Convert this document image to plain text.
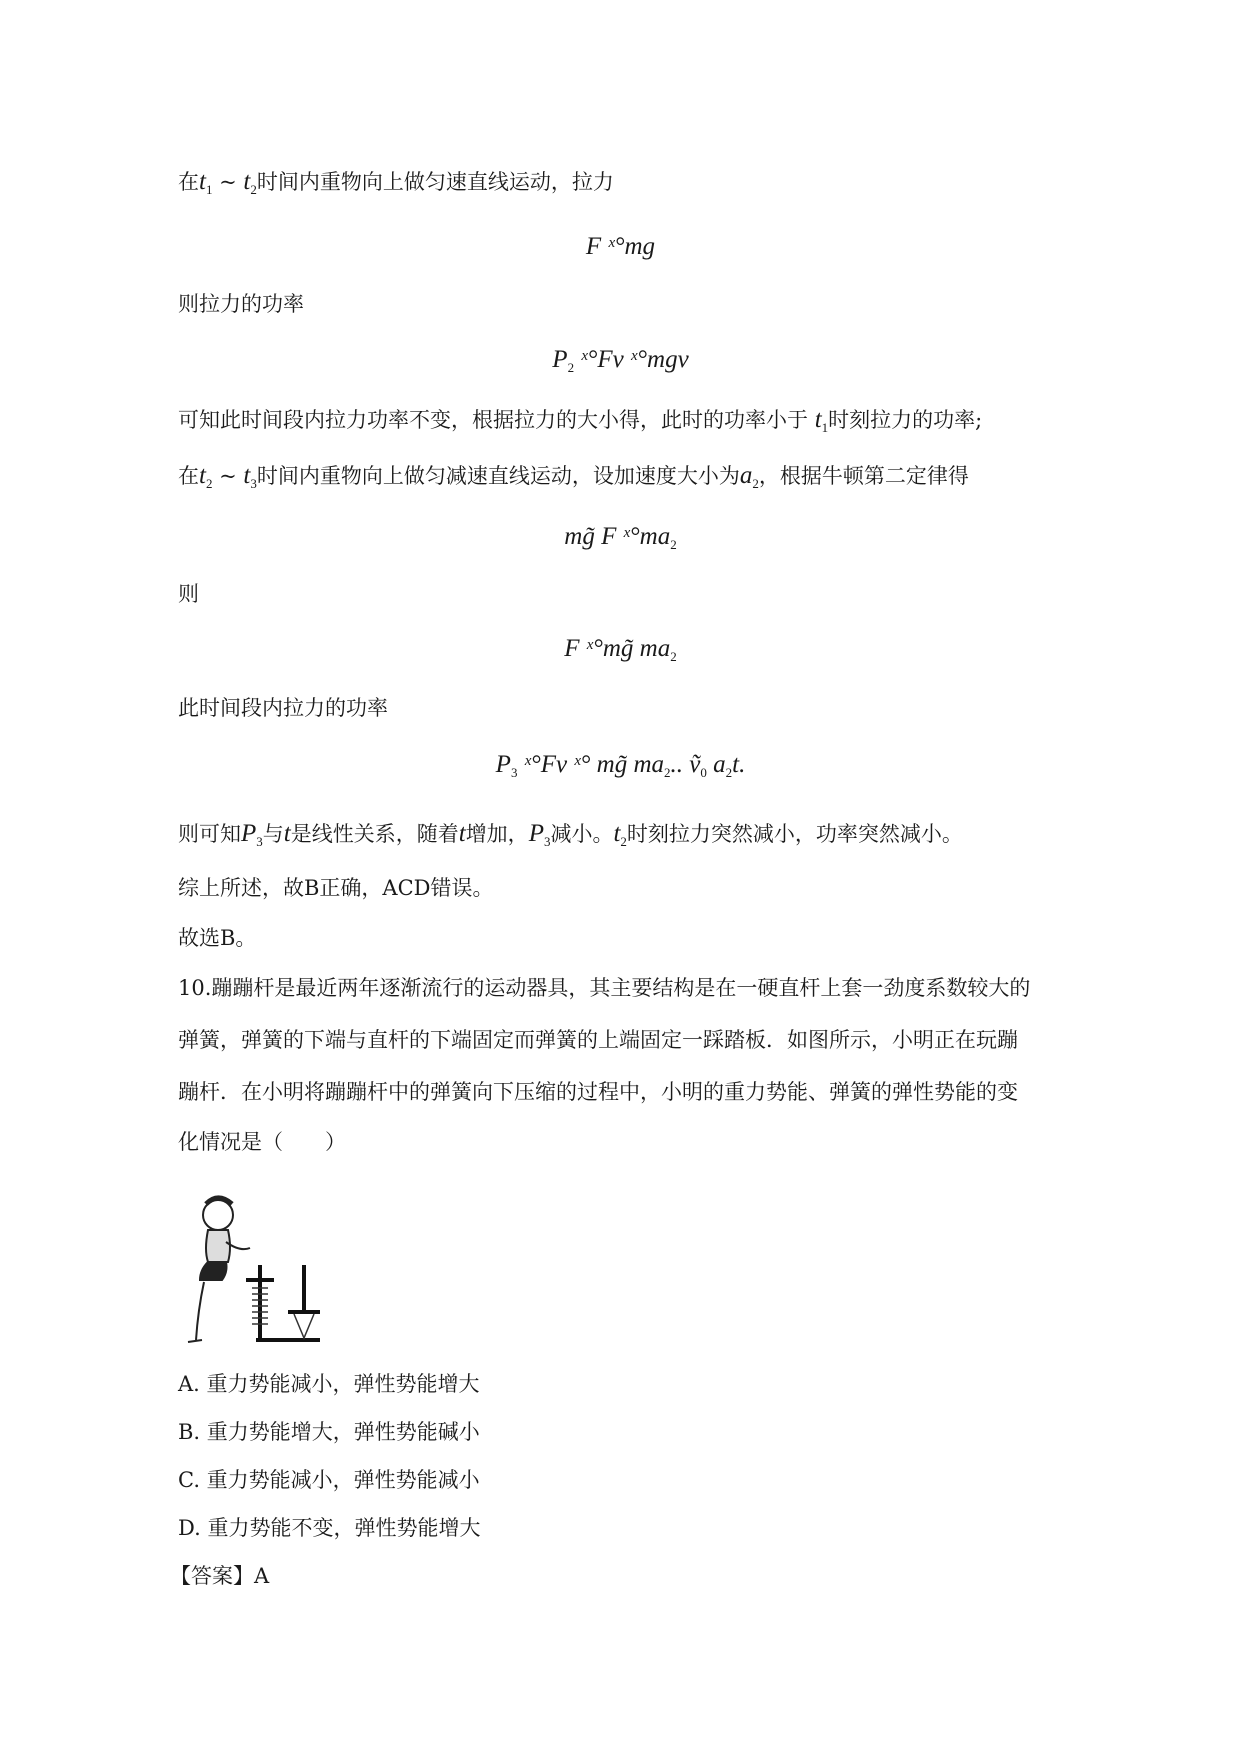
在$t_1$ ~ $t_2$时间内重物向上做匀速直线运动，拉力
F ˣ°mg
则拉力的功率
$P_2$ ˣ°Fv ˣ°mgv
可知此时间段内拉力功率不变，根据拉力的大小得，此时的功率小于 $t_1$时刻拉力的功率;
在$t_2$ ~ $t_3$时间内重物向上做匀减速直线运动，设加速度大小为$a_2$，根据牛顿第二定律得
mg̃ F $ˣ^\circ ma_2$
则
F ˣ°mg̃ $ma_2$
此时间段内拉力的功率
$P_3$ ˣ°Fv ˣ° mg̃ $ma_2$.. ṽ$_0$ $a_2t$.
则可知$P_3$与t是线性关系，随着t增加，$P_3$减小。$t_2$时刻拉力突然减小，功率突然减小。
综上所述，故B正确，ACD错误。
故选B。
10.蹦蹦杆是最近两年逐渐流行的运动器具，其主要结构是在一硬直杆上套一劲度系数较大的
弹簧，弹簧的下端与直杆的下端固定而弹簧的上端固定一踩踏板．如图所示，小明正在玩蹦
蹦杆．在小明将蹦蹦杆中的弹簧向下压缩的过程中，小明的重力势能、弹簧的弹性势能的变
化情况是（　　）
A. 重力势能减小，弹性势能增大
B. 重力势能增大，弹性势能碱小
C. 重力势能减小，弹性势能减小
D. 重力势能不变，弹性势能增大
【答案】A
